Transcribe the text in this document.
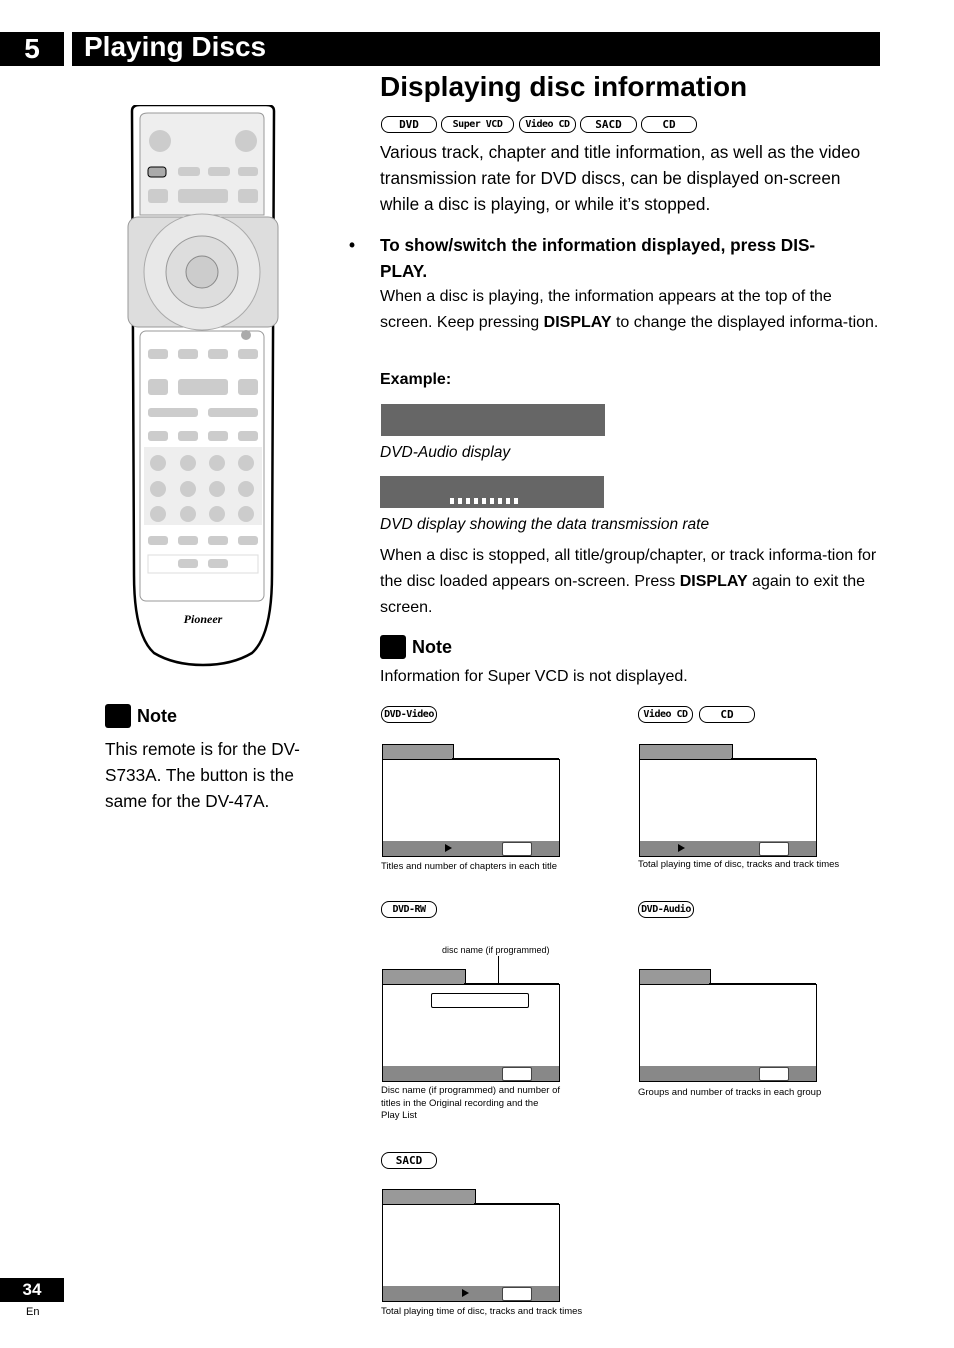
5	Playing Discs
Pioneer
Note
This remote is for the DV-S733A. The button is the same for the DV-47A.
Displaying disc information
DVD	Super VCD	Video CD	SACD	CD
Various track, chapter and title information, as well as the video transmission rate for DVD discs, can be displayed on-screen while a disc is playing, or while it’s stopped.
• To show/switch the information displayed, press DIS-PLAY.
When a disc is playing, the information appears at the top of the screen. Keep pressing DISPLAY to change the displayed informa-tion.
Example:
DVD-Audio display
DVD display showing the data transmission rate
When a disc is stopped, all title/group/chapter, or track informa-tion for the disc loaded appears on-screen. Press DISPLAY again to exit the screen.
Note
Information for Super VCD is not displayed.
DVD-Video
Titles and number of chapters in each title
Video CD	CD
Total playing time of disc, tracks and track times
DVD-RW
disc name (if programmed)
Disc name (if programmed) and number of
titles in the Original recording and the
Play List
DVD-Audio
Groups and number of tracks in each group
SACD
Total playing time of disc, tracks and track times
34
En
